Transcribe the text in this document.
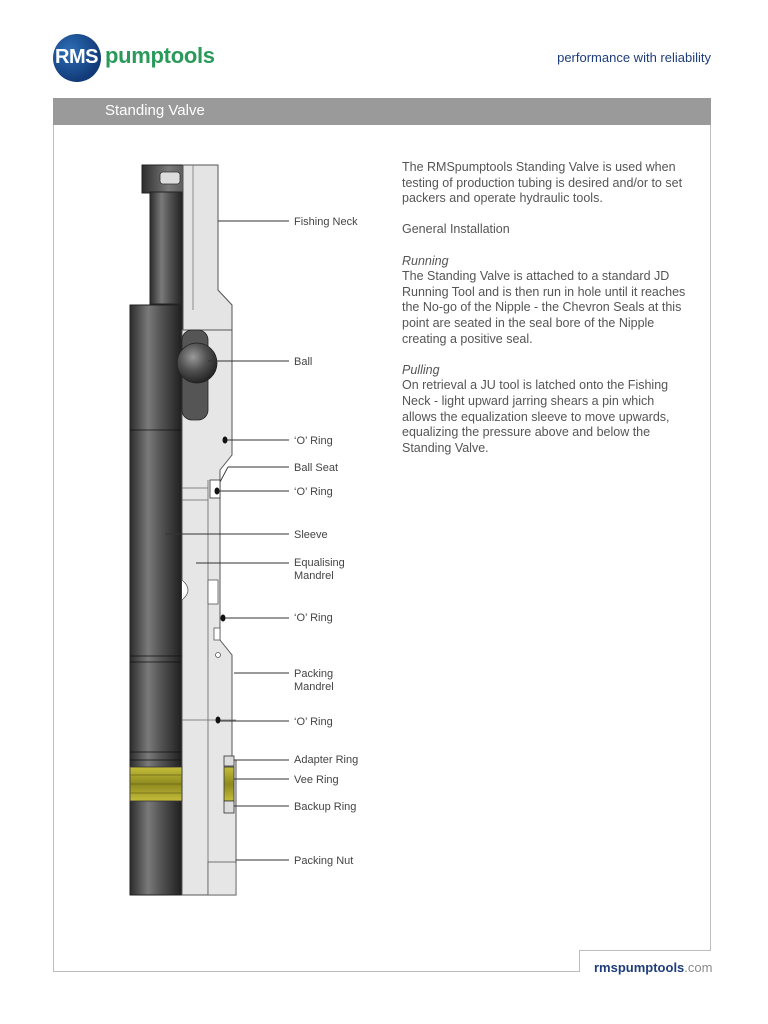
RMS pumptools	performance with reliability
Standing Valve

The RMSpumptools Standing Valve is used when testing of production tubing is desired and/or to set packers and operate hydraulic tools.

General Installation

Running

The Standing Valve is attached to a standard JD Running Tool and is then run in hole until it reaches the No-go of the Nipple - the Chevron Seals at this point are seated in the seal bore of the Nipple creating a positive seal.

Pulling

On retrieval a JU tool is latched onto the Fishing Neck - light upward jarring shears a pin which allows the equalization sleeve to move upwards, equalizing the pressure above and below the Standing Valve.

Fishing Neck
Ball
‘O’ Ring
Ball Seat
‘O’ Ring
Sleeve
Equalising
Mandrel
‘O’ Ring
Packing
Mandrel
‘O’ Ring
Adapter Ring
Vee Ring
Backup Ring
Packing Nut
rmspumptools.com
